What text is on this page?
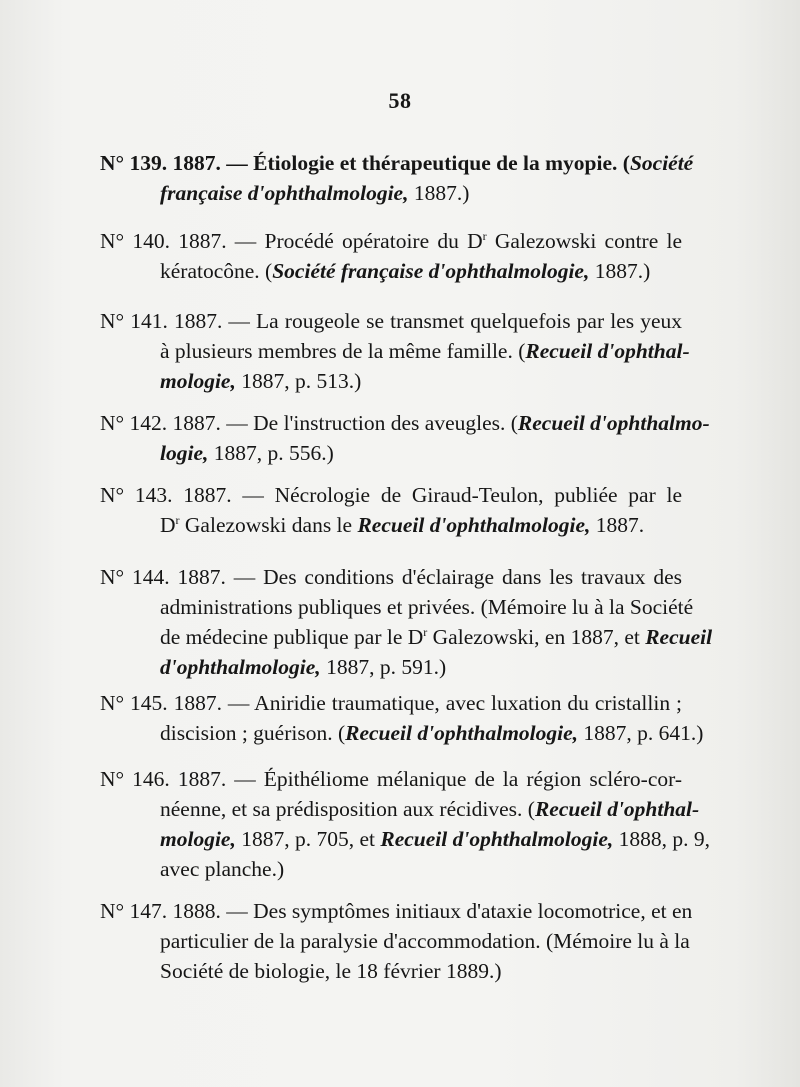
58
N° 139. 1887. — Étiologie et thérapeutique de la myopie. (Société
française d'ophthalmologie, 1887.)
N° 140. 1887. — Procédé opératoire du $D^r$ Galezowski contre le
kératocône. (Société française d'ophthalmologie, 1887.)
N° 141. 1887. — La rougeole se transmet quelquefois par les yeux
à plusieurs membres de la même famille. (Recueil d'ophthal-
mologie, 1887, p. 513.)
N° 142. 1887. — De l'instruction des aveugles. (Recueil d'ophthalmo-
logie, 1887, p. 556.)
N° 143. 1887. — Nécrologie de Giraud-Teulon, publiée par le
$D^r$ Galezowski dans le Recueil d'ophthalmologie, 1887.
N° 144. 1887. — Des conditions d'éclairage dans les travaux des
administrations publiques et privées. (Mémoire lu à la Société
de médecine publique par le $D^r$ Galezowski, en 1887, et Recueil
d'ophthalmologie, 1887, p. 591.)
N° 145. 1887. — Aniridie traumatique, avec luxation du cristallin ;
discision ; guérison. (Recueil d'ophthalmologie, 1887, p. 641.)
N° 146. 1887. — Épithéliome mélanique de la région scléro-cor-
néenne, et sa prédisposition aux récidives. (Recueil d'ophthal-
mologie, 1887, p. 705, et Recueil d'ophthalmologie, 1888, p. 9,
avec planche.)
N° 147. 1888. — Des symptômes initiaux d'ataxie locomotrice, et en
particulier de la paralysie d'accommodation. (Mémoire lu à la
Société de biologie, le 18 février 1889.)
